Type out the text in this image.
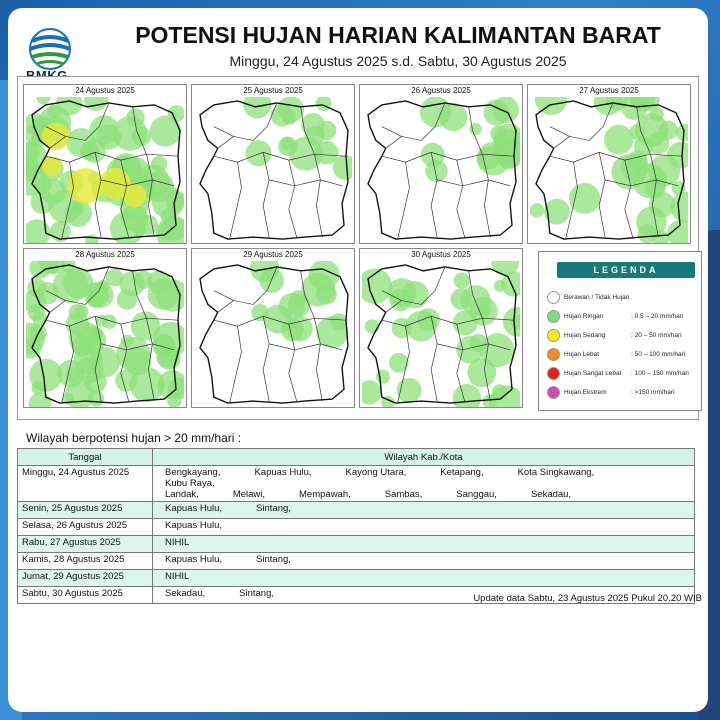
POTENSI HUJAN HARIAN KALIMANTAN BARAT
Minggu, 24 Agustus 2025 s.d. Sabtu, 30 Agustus 2025
LEGENDA
Berawan / Tidak Hujan
Hujan Ringan	: 0.5 – 20 mm/hari
Hujan Sedang	: 20 – 50 mm/hari
Hujan Lebat	: 50 – 100 mm/hari
Hujan Sangat Lebat : 100 – 150 mm/hari
Hujan Ekstrem	: >150 mm/hari
24 Agustus 2025	25 Agustus 2025	26 Agustus 2025	27 Agustus 2025
28 Agustus 2025	29 Agustus 2025	30 Agustus 2025
Wilayah berpotensi hujan > 20 mm/hari :
Tanggal	Wilayah Kab./Kota
Minggu, 24 Agustus 2025	Bengkayang, Kapuas Hulu, Kayong Utara, Ketapang, Kota Singkawang,Kubu Raya,
Landak, Melawi, Mempawah, Sambas, Sanggau, Sekadau,

Senin, 25 Agustus 2025	Kapuas Hulu, Sintang,

Selasa, 26 Agustus 2025	Kapuas Hulu,

Rabu, 27 Agustus 2025	NIHIL

Kamis, 28 Agustus 2025	Kapuas Hulu, Sintang,

Jumat, 29 Agustus 2025	NIHIL

Sabtu, 30 Agustus 2025	Sekadau, Sintang,	Update data Sabtu, 23 Agustus 2025 Pukul 20.20 WIB
